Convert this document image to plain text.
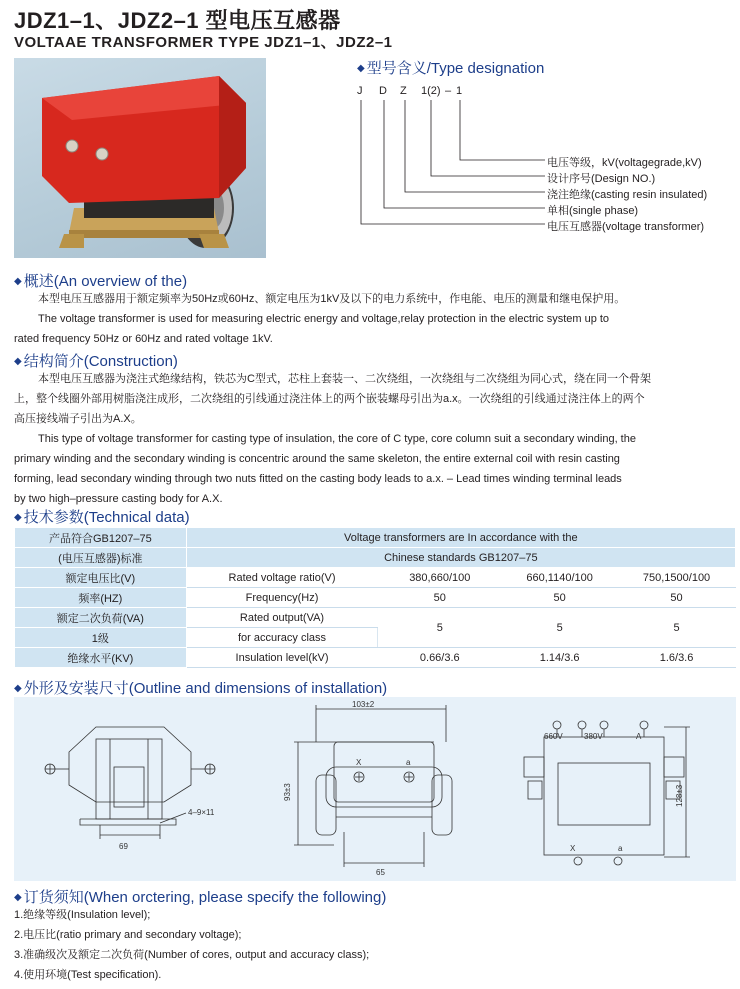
JDZ1–1、JDZ2–1 型电压互感器
VOLTAAE TRANSFORMER TYPE JDZ1–1、JDZ2–1
◆ 型号含义/Type designation
J D Z 1(2) – 1
电压等级，kV(voltagegrade,kV)
设计序号(Design NO.)
浇注绝缘(casting resin insulated)
单相(single phase)
电压互感器(voltage transformer)
◆ 概述(An overview of the)
本型电压互感器用于额定频率为50Hz或60Hz、额定电压为1kV及以下的电力系统中，作电能、电压的测量和继电保护用。
The voltage transformer is used for measuring electric energy and voltage,relay protection in the electric system up to
rated frequency 50Hz or 60Hz and rated voltage 1kV.
◆ 结构简介(Construction)
本型电压互感器为浇注式绝缘结构，铁芯为C型式，芯柱上套装一、二次绕组，一次绕组与二次绕组为同心式，绕在同一个骨架
上，整个线圈外部用树脂浇注成形，二次绕组的引线通过浇注体上的两个嵌装螺母引出为a.x。一次绕组的引线通过浇注体上的两个
高压接线端子引出为A.X。
This type of voltage transformer for casting type of insulation, the core of C type, core column suit a secondary winding, the
primary winding and the secondary winding is concentric around the same skeleton, the entire external coil with resin casting
forming, lead secondary winding through two nuts fitted on the casting body leads to a.x. – Lead times winding terminal leads
by two high–pressure casting body for A.X.
◆ 技术参数(Technical data)
产品符合GB1207–75	Voltage transformers are In accordance with the			

(电压互感器)标准	Chinese standards GB1207–75			
额定电压比(V)	Rated voltage ratio(V)	380,660/100	660,1140/100	750,1500/100
频率(HZ)	Frequency(Hz)	50	50	50
额定二次负荷(VA)	Rated output(VA)	5	5	5
1级	for accuracy class			
绝缘水平(KV)	Insulation level(kV)	0.66/3.6	1.14/3.6	1.6/3.6
◆ 外形及安装尺寸(Outline and dimensions of installation)
4–9×11
69
103±2
93±3
65
X	a
660V	380V	A
X	a
128±3
◆ 订货须知(When orctering, please specify the following)
1.绝缘等级(Insulation level);
2.电压比(ratio primary and secondary voltage);
3.准确级次及额定二次负荷(Number of cores, output and accuracy class);
4.使用环境(Test specification).
